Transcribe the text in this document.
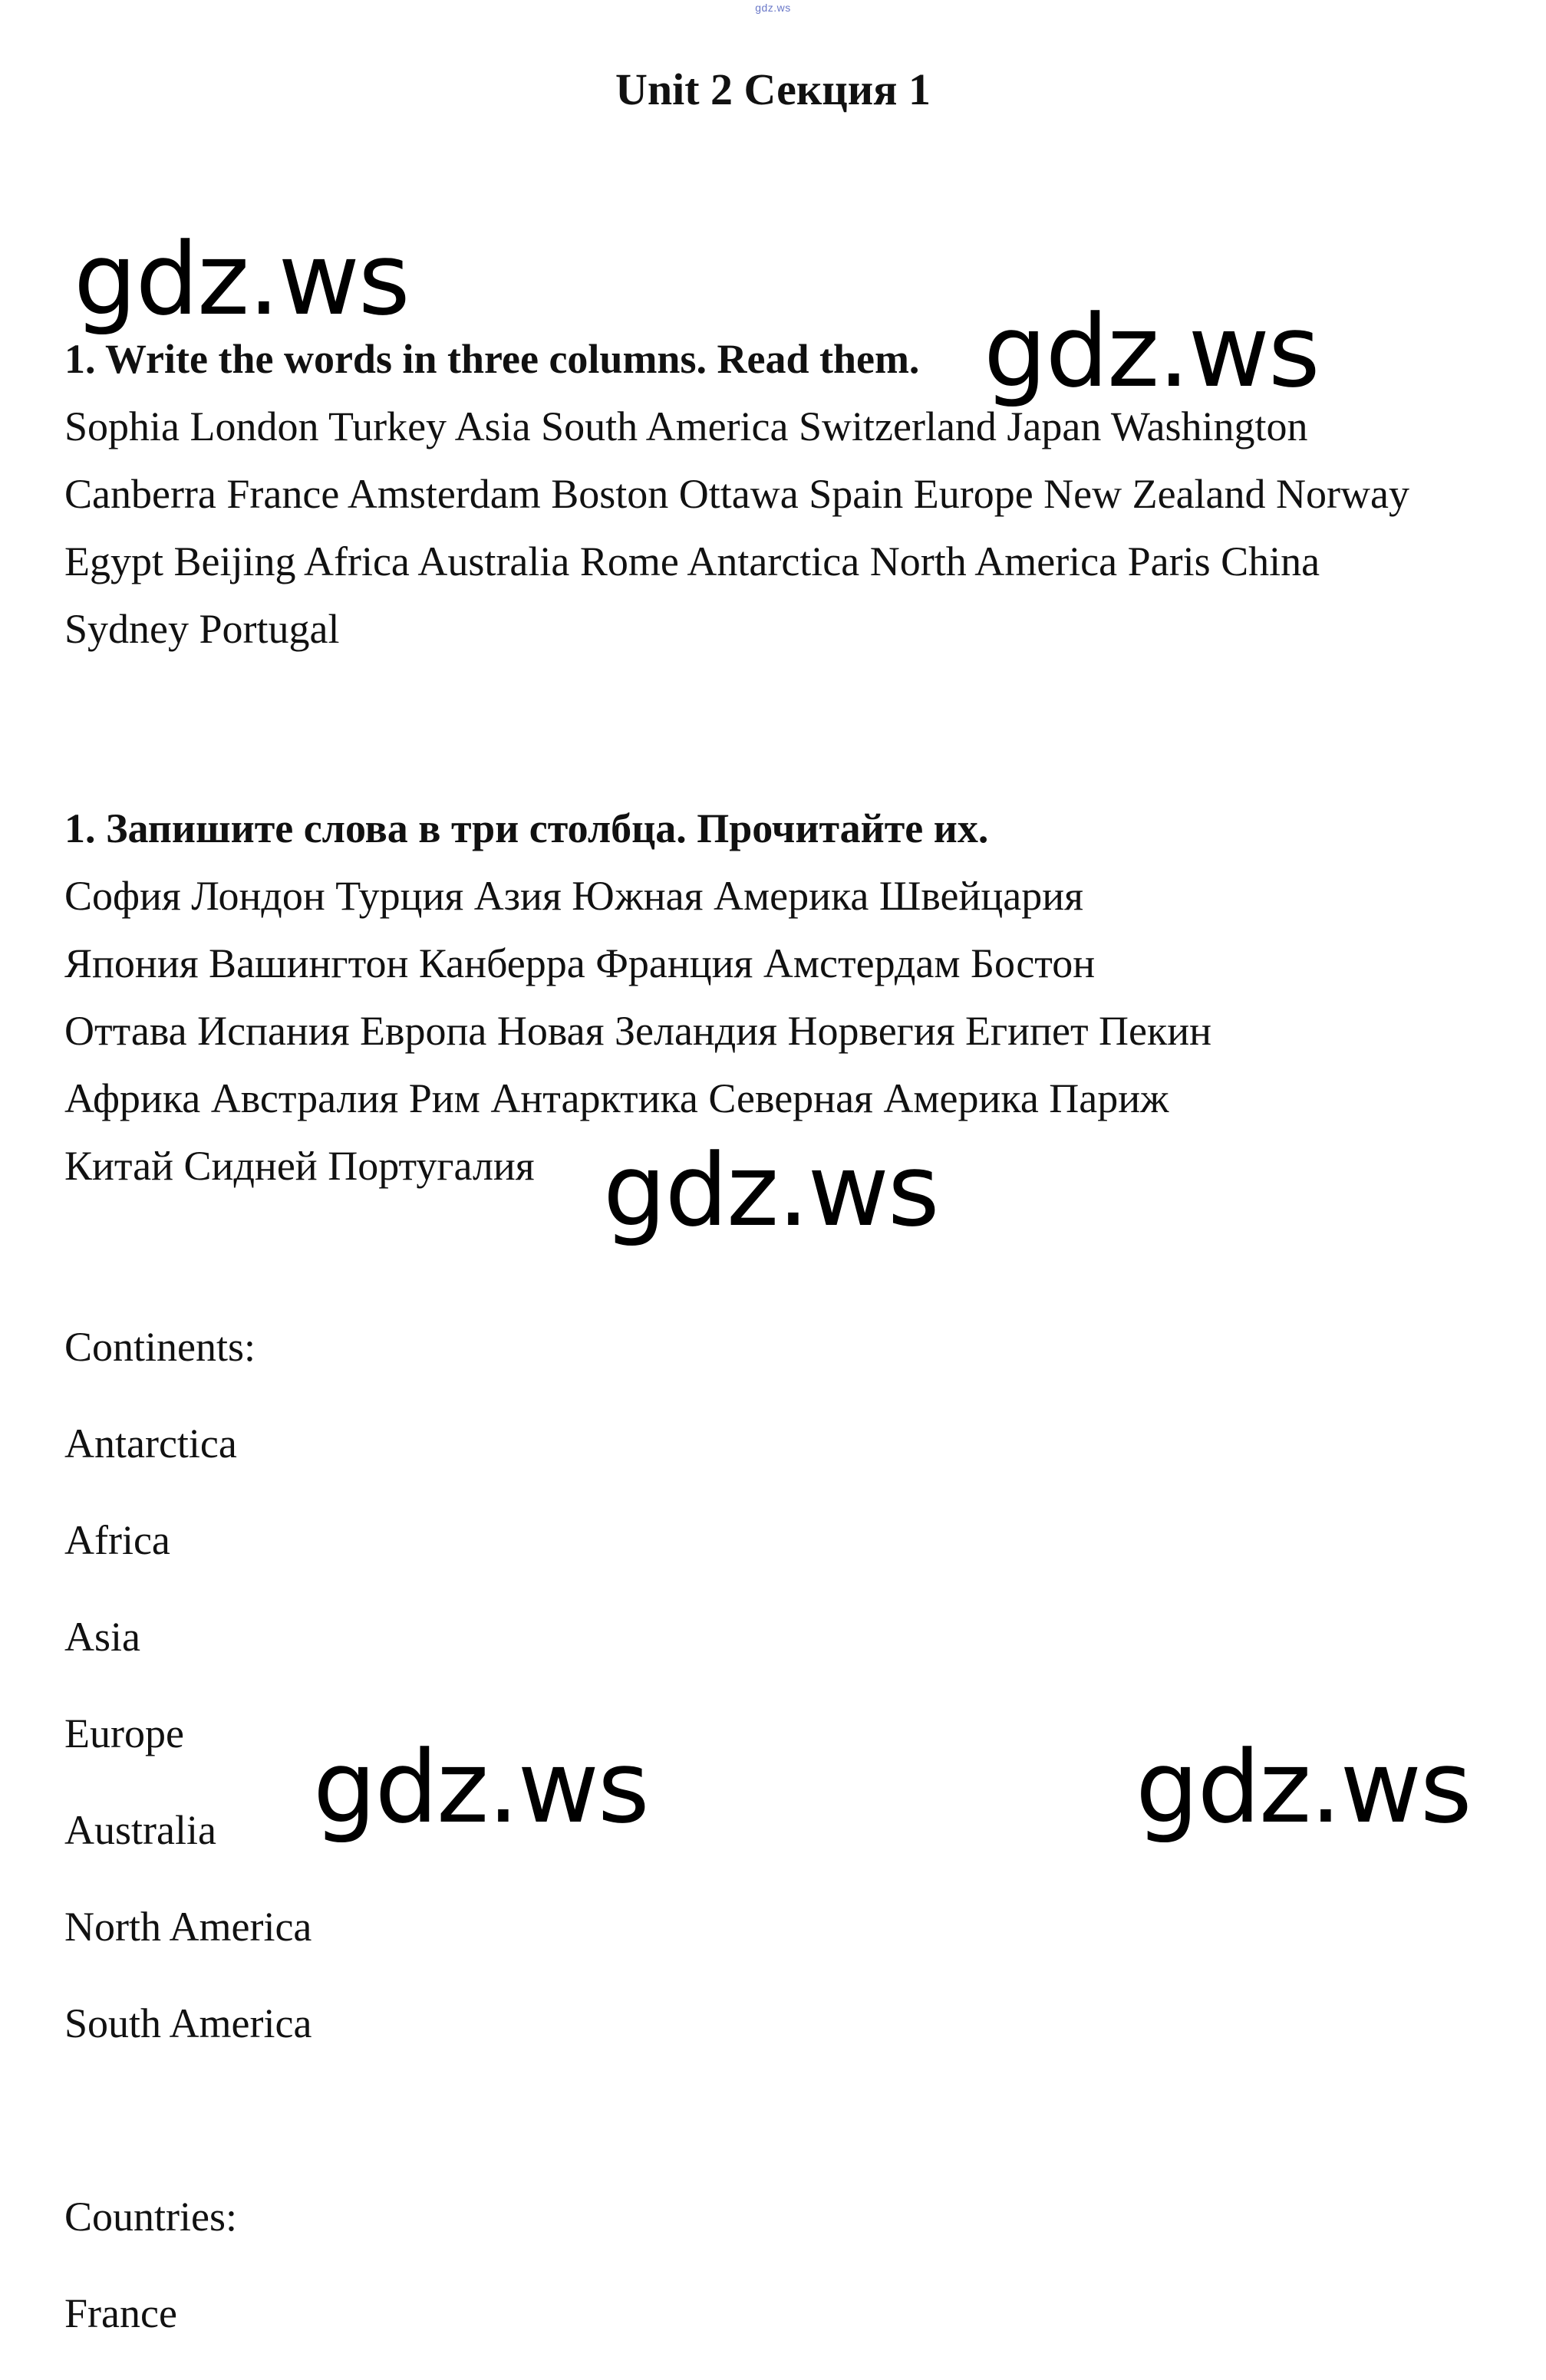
gdz.ws
Unit 2 Секция 1

1. Write the words in three columns. Read them.

Sophia London Turkey Asia South America Switzerland Japan Washington
Canberra France Amsterdam Boston Ottawa Spain Europe New Zealand Norway
Egypt Beijing Africa Australia Rome Antarctica North America Paris China
Sydney Portugal

1. Запишите слова в три столбца. Прочитайте их.

София Лондон Турция Азия Южная Америка Швейцария
Япония Вашингтон Канберра Франция Амстердам Бостон
Оттава Испания Европа Новая Зеландия Норвегия Египет Пекин
Африка Австралия Рим Антарктика Северная Америка Париж
Китай Сидней Португалия

Continents:
Antarctica
Africa
Asia
Europe
Australia
North America
South America
Countries:
France
gdz.ws
gdz.ws
gdz.ws
gdz.ws	gdz.ws
